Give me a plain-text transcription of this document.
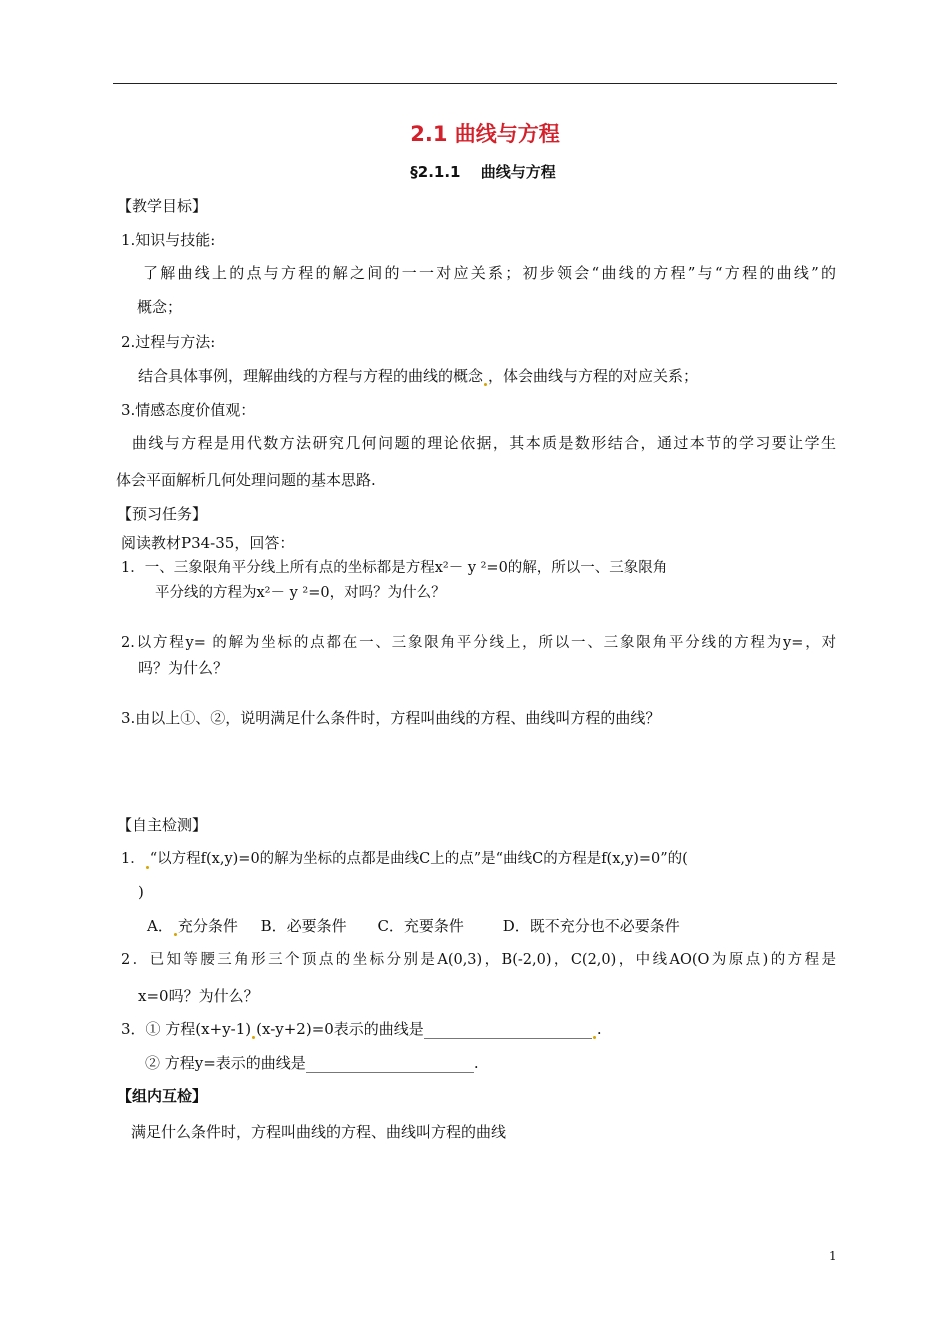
2.1 曲线与方程
§2.1.1　 曲线与方程
【教学目标】
1.知识与技能:
了解曲线上的点与方程的解之间的一一对应关系；初步领会“曲线的方程”与“方程的曲线”的
概念；
2.过程与方法:
结合具体事例，理解曲线的方程与方程的曲线的概念 ，体会曲线与方程的对应关系；
3.情感态度价值观：
曲线与方程是用代数方法研究几何问题的理论依据，其本质是数形结合，通过本节的学习要让学生
体会平面解析几何处理问题的基本思路.
【预习任务】
阅读教材P34-35，回答：
1．一、三象限角平分线上所有点的坐标都是方程x²－ y ²=0的解，所以一、三象限角
平分线的方程为x²－ y ²=0，对吗？为什么？
2.以方程y= 的解为坐标的点都在一、三象限角平分线上，所以一、三象限角平分线的方程为y=，对
吗？为什么？
3.由以上①、②，说明满足什么条件时，方程叫曲线的方程、曲线叫方程的曲线？
【自主检测】
1． “以方程f(x,y)=0的解为坐标的点都是曲线C上的点”是“曲线C的方程是f(x,y)=0”的(
)
A． 充分条件 B．必要条件 C．充要条件	D．既不充分也不必要条件
2．已知等腰三角形三个顶点的坐标分别是A(0,3)，B(-2,0)，C(2,0)，中线AO(O为原点)的方程是
x=0吗？为什么？
3．① 方程(x+y-1) (x-y+2)=0表示的曲线是	.
② 方程y=表示的曲线是	.
【组内互检】
满足什么条件时，方程叫曲线的方程、曲线叫方程的曲线
1
